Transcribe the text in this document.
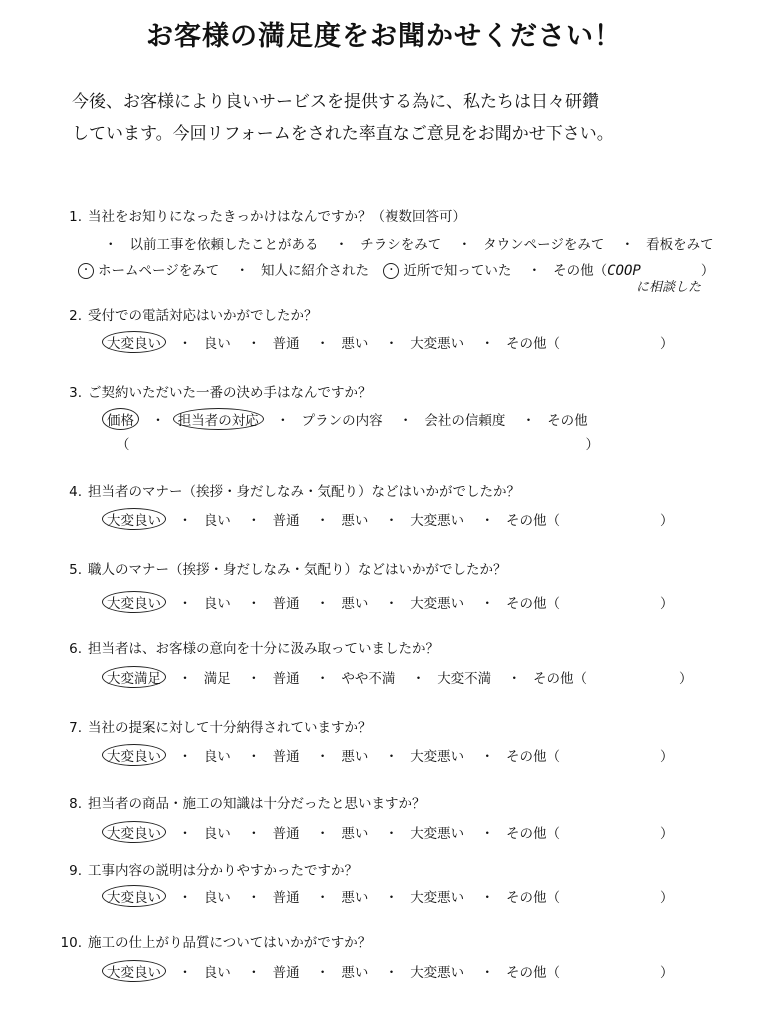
お客様の満足度をお聞かせください！
今後、お客様により良いサービスを提供する為に、私たちは日々研鑽
しています。今回リフォームをされた率直なご意見をお聞かせ下さい。
1. 当社をお知りになったきっかけはなんですか？（複数回答可）
・ 以前工事を依頼したことがある ・ チラシをみて ・ タウンページをみて ・ 看板をみて
・ ホームページをみて ・ 知人に紹介された ・ 近所で知っていた ・ その他（COOP	）
に相談した
2. 受付での電話対応はいかがでしたか？
大変良い ・ 良い ・ 普通 ・ 悪い ・ 大変悪い ・ その他（	）
3. ご契約いただいた一番の決め手はなんですか？
価格 ・ 担当者の対応 ・ プランの内容 ・ 会社の信頼度 ・ その他
（	）
4. 担当者のマナー（挨拶・身だしなみ・気配り）などはいかがでしたか？
大変良い ・ 良い ・ 普通 ・ 悪い ・ 大変悪い ・ その他（	）
5. 職人のマナー（挨拶・身だしなみ・気配り）などはいかがでしたか？
大変良い ・ 良い ・ 普通 ・ 悪い ・ 大変悪い ・ その他（	）
6. 担当者は、お客様の意向を十分に汲み取っていましたか？
大変満足 ・ 満足 ・ 普通 ・ やや不満 ・ 大変不満 ・ その他（	）
7. 当社の提案に対して十分納得されていますか？
大変良い ・ 良い ・ 普通 ・ 悪い ・ 大変悪い ・ その他（	）
8. 担当者の商品・施工の知識は十分だったと思いますか？
大変良い ・ 良い ・ 普通 ・ 悪い ・ 大変悪い ・ その他（	）
9. 工事内容の説明は分かりやすかったですか？
大変良い ・ 良い ・ 普通 ・ 悪い ・ 大変悪い ・ その他（	）
10. 施工の仕上がり品質についてはいかがですか？
大変良い ・ 良い ・ 普通 ・ 悪い ・ 大変悪い ・ その他（	）
